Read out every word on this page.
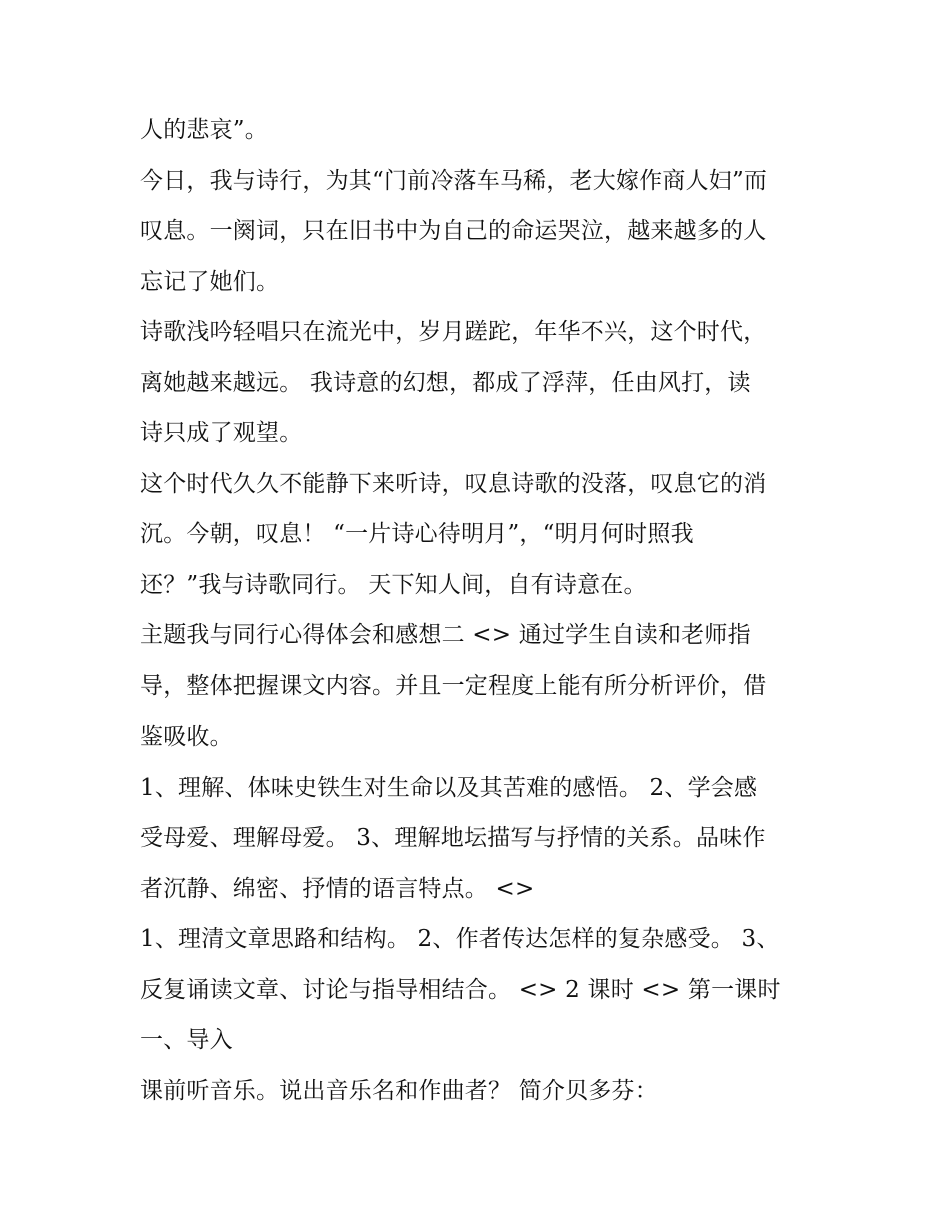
人的悲哀”。
今日，我与诗行，为其“门前冷落车马稀，老大嫁作商人妇”而
叹息。一阕词，只在旧书中为自己的命运哭泣，越来越多的人
忘记了她们。
诗歌浅吟轻唱只在流光中，岁月蹉跎，年华不兴，这个时代，
离她越来越远。 我诗意的幻想，都成了浮萍，任由风打，读
诗只成了观望。
这个时代久久不能静下来听诗，叹息诗歌的没落，叹息它的消
沉。今朝，叹息！ “一片诗心待明月”，“明月何时照我
还？”我与诗歌同行。 天下知人间，自有诗意在。
主题我与同行心得体会和感想二 <> 通过学生自读和老师指
导，整体把握课文内容。并且一定程度上能有所分析评价，借
鉴吸收。
1、理解、体味史铁生对生命以及其苦难的感悟。 2、学会感
受母爱、理解母爱。 3、理解地坛描写与抒情的关系。品味作
者沉静、绵密、抒情的语言特点。 <>
1、理清文章思路和结构。 2、作者传达怎样的复杂感受。 3、
反复诵读文章、讨论与指导相结合。 <> 2 课时 <> 第一课时
一、导入
课前听音乐。说出音乐名和作曲者？ 简介贝多芬：
